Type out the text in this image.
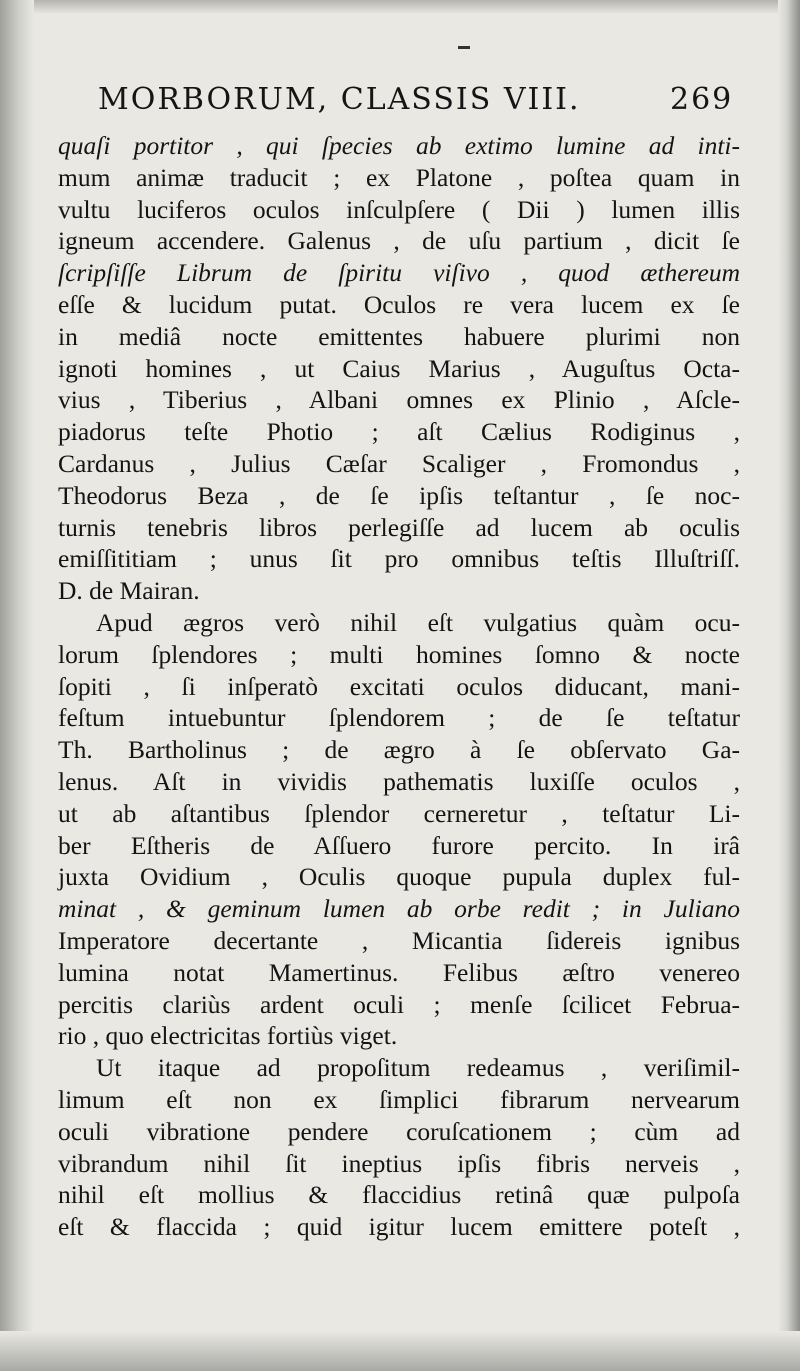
MORBORUM, CLASSIS VIII.	269
quaſi portitor , qui ſpecies ab extimo lumine ad inti-
mum animæ traducit ; ex Platone , poſtea quam in
vultu luciferos oculos inſculpſere ( Dii ) lumen illis
igneum accendere. Galenus , de uſu partium , dicit ſe
ſcripſiſſe Librum de ſpiritu viſivo , quod æthereum
eſſe & lucidum putat. Oculos re vera lucem ex ſe
in mediâ nocte emittentes habuere plurimi non
ignoti homines , ut Caius Marius , Auguſtus Octa-
vius , Tiberius , Albani omnes ex Plinio , Aſcle-
piadorus teſte Photio ; aſt Cælius Rodiginus ,
Cardanus , Julius Cæſar Scaliger , Fromondus ,
Theodorus Beza , de ſe ipſis teſtantur , ſe noc-
turnis tenebris libros perlegiſſe ad lucem ab oculis
emiſſititiam ; unus ſit pro omnibus teſtis Illuſtriſſ.
D. de Mairan.
Apud ægros verò nihil eſt vulgatius quàm ocu-
lorum ſplendores ; multi homines ſomno & nocte
ſopiti , ſi inſperatò excitati oculos diducant, mani-
feſtum intuebuntur ſplendorem ; de ſe teſtatur
Th. Bartholinus ; de ægro à ſe obſervato Ga-
lenus. Aſt in vividis pathematis luxiſſe oculos ,
ut ab aſtantibus ſplendor cerneretur , teſtatur Li-
ber Eſtheris de Aſſuero furore percito. In irâ
juxta Ovidium , Oculis quoque pupula duplex ful-
minat , & geminum lumen ab orbe redit ; in Juliano
Imperatore decertante , Micantia ſidereis ignibus
lumina notat Mamertinus. Felibus æſtro venereo
percitis clariùs ardent oculi ; menſe ſcilicet Februa-
rio , quo electricitas fortiùs viget.
Ut itaque ad propoſitum redeamus , veriſimil-
limum eſt non ex ſimplici fibrarum nervearum
oculi vibratione pendere coruſcationem ; cùm ad
vibrandum nihil ſit ineptius ipſis fibris nerveis ,
nihil eſt mollius & flaccidius retinâ quæ pulpoſa
eſt & flaccida ; quid igitur lucem emittere poteſt ,
